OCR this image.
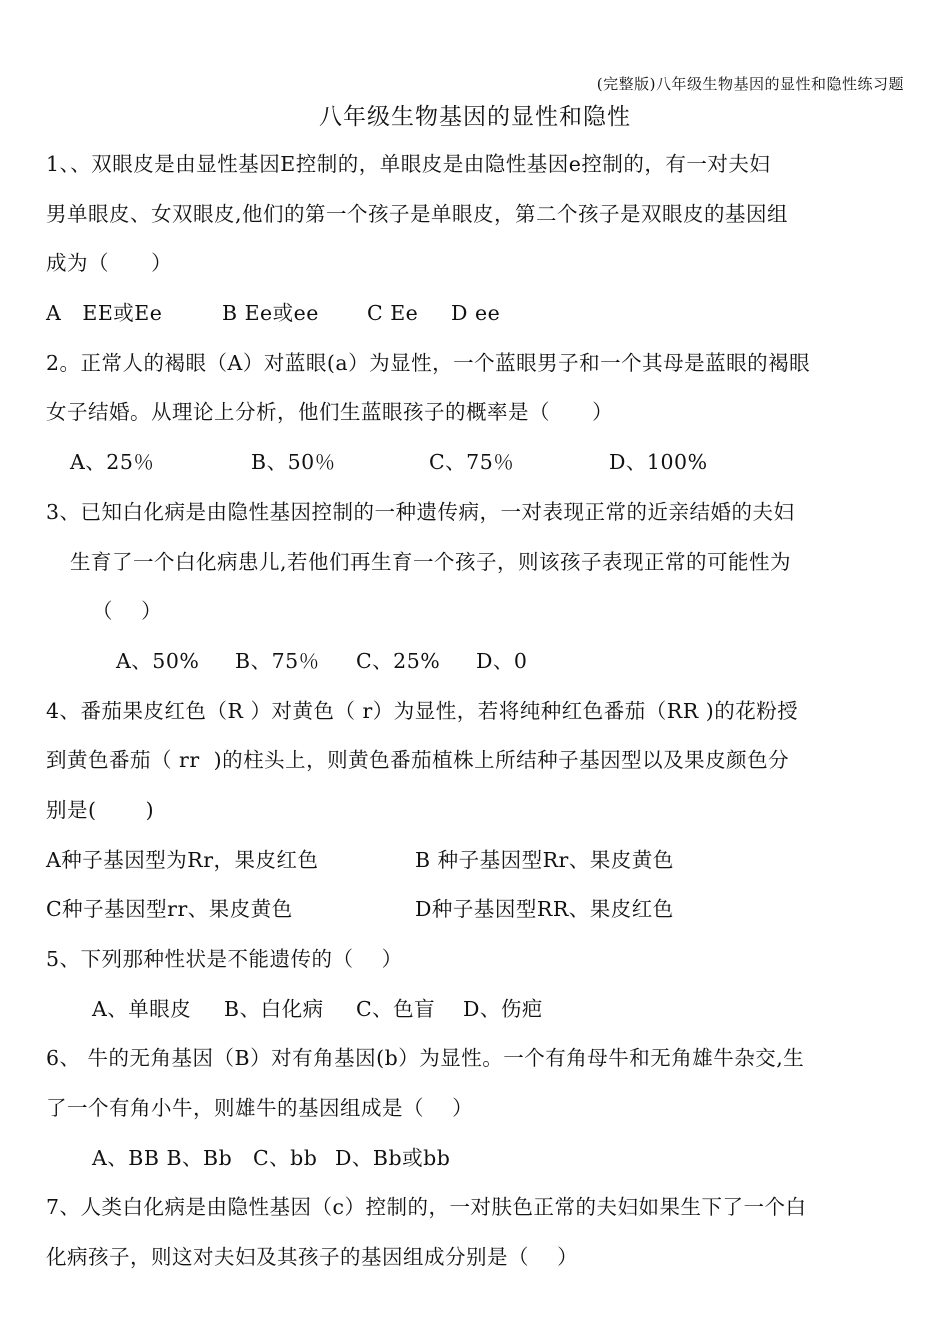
(完整版)八年级生物基因的显性和隐性练习题
八年级生物基因的显性和隐性
1、、双眼皮是由显性基因E控制的，单眼皮是由隐性基因e控制的，有一对夫妇
男单眼皮、女双眼皮,他们的第一个孩子是单眼皮，第二个孩子是双眼皮的基因组
成为（      ）
A   EE或Ee	B Ee或ee	C Ee	D ee
2。正常人的褐眼（A）对蓝眼(a）为显性，一个蓝眼男子和一个其母是蓝眼的褐眼
女子结婚。从理论上分析，他们生蓝眼孩子的概率是（      ）
A、25％	B、50％	C、75％	D、100%
3、已知白化病是由隐性基因控制的一种遗传病，一对表现正常的近亲结婚的夫妇
生育了一个白化病患儿,若他们再生育一个孩子，则该孩子表现正常的可能性为
（    ）
A、50%	B、75％	C、25%	D、0
4、番茄果皮红色（R ）对黄色（ r）为显性，若将纯种红色番茄（RR )的花粉授
到黄色番茄（ rr  )的柱头上，则黄色番茄植株上所结种子基因型以及果皮颜色分
别是(       )
A种子基因型为Rr，果皮红色	B 种子基因型Rr、果皮黄色
C种子基因型rr、果皮黄色	D种子基因型RR、果皮红色
5、下列那种性状是不能遗传的（    ）
A、单眼皮	B、白化病	C、色盲	D、伤疤
6、 牛的无角基因（B）对有角基因(b）为显性。一个有角母牛和无角雄牛杂交,生
了一个有角小牛，则雄牛的基因组成是（    ）
A、BB B、Bb	C、bb D、Bb或bb
7、人类白化病是由隐性基因（c）控制的，一对肤色正常的夫妇如果生下了一个白
化病孩子，则这对夫妇及其孩子的基因组成分别是（    ）
